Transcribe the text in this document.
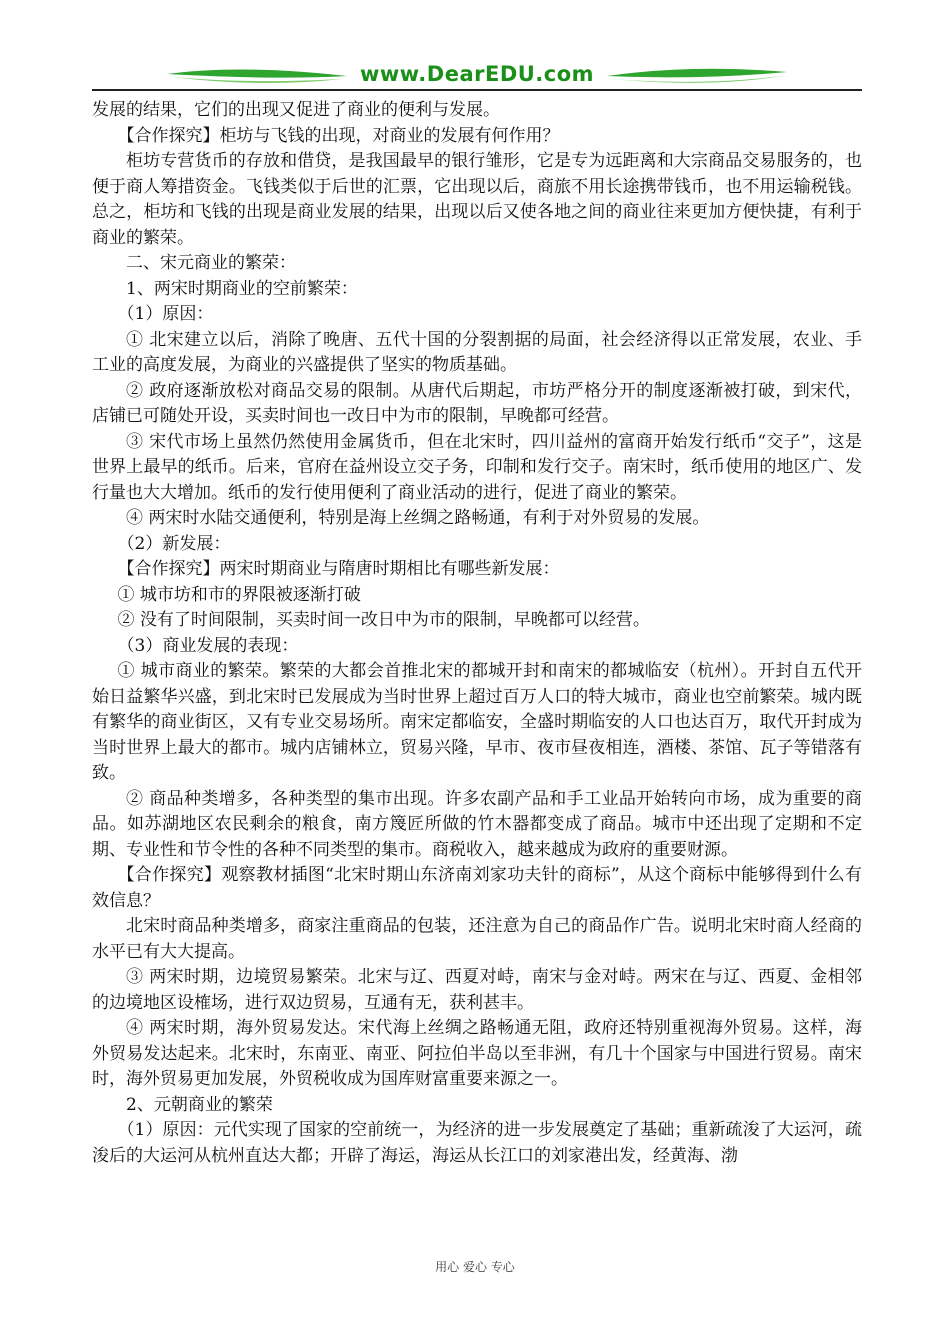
www.DearEDU.com

发展的结果，它们的出现又促进了商业的便利与发展。

【合作探究】柜坊与飞钱的出现，对商业的发展有何作用？

柜坊专营货币的存放和借贷，是我国最早的银行雏形，它是专为远距离和大宗商品交易服务的，也便于商人筹措资金。飞钱类似于后世的汇票，它出现以后，商旅不用长途携带钱币，也不用运输税钱。总之，柜坊和飞钱的出现是商业发展的结果，出现以后又使各地之间的商业往来更加方便快捷，有利于商业的繁荣。

二、宋元商业的繁荣：

1、两宋时期商业的空前繁荣：

（1）原因：

① 北宋建立以后，消除了晚唐、五代十国的分裂割据的局面，社会经济得以正常发展，农业、手工业的高度发展，为商业的兴盛提供了坚实的物质基础。

② 政府逐渐放松对商品交易的限制。从唐代后期起，市坊严格分开的制度逐渐被打破，到宋代，店铺已可随处开设，买卖时间也一改日中为市的限制，早晚都可经营。

③ 宋代市场上虽然仍然使用金属货币，但在北宋时，四川益州的富商开始发行纸币“交子”，这是世界上最早的纸币。后来，官府在益州设立交子务，印制和发行交子。南宋时，纸币使用的地区广、发行量也大大增加。纸币的发行使用便利了商业活动的进行，促进了商业的繁荣。

④ 两宋时水陆交通便利，特别是海上丝绸之路畅通，有利于对外贸易的发展。

（2）新发展：

【合作探究】两宋时期商业与隋唐时期相比有哪些新发展：

① 城市坊和市的界限被逐渐打破

② 没有了时间限制，买卖时间一改日中为市的限制，早晚都可以经营。

（3）商业发展的表现：

① 城市商业的繁荣。繁荣的大都会首推北宋的都城开封和南宋的都城临安（杭州）。开封自五代开始日益繁华兴盛，到北宋时已发展成为当时世界上超过百万人口的特大城市，商业也空前繁荣。城内既有繁华的商业街区，又有专业交易场所。南宋定都临安，全盛时期临安的人口也达百万，取代开封成为当时世界上最大的都市。城内店铺林立，贸易兴隆，早市、夜市昼夜相连，酒楼、茶馆、瓦子等错落有致。

② 商品种类增多，各种类型的集市出现。许多农副产品和手工业品开始转向市场，成为重要的商品。如苏湖地区农民剩余的粮食，南方篾匠所做的竹木器都变成了商品。城市中还出现了定期和不定期、专业性和节令性的各种不同类型的集市。商税收入，越来越成为政府的重要财源。

【合作探究】观察教材插图“北宋时期山东济南刘家功夫针的商标”，从这个商标中能够得到什么有效信息？

北宋时商品种类增多，商家注重商品的包装，还注意为自己的商品作广告。说明北宋时商人经商的水平已有大大提高。

③ 两宋时期，边境贸易繁荣。北宋与辽、西夏对峙，南宋与金对峙。两宋在与辽、西夏、金相邻的边境地区设榷场，进行双边贸易，互通有无，获利甚丰。

④ 两宋时期，海外贸易发达。宋代海上丝绸之路畅通无阻，政府还特别重视海外贸易。这样，海外贸易发达起来。北宋时，东南亚、南亚、阿拉伯半岛以至非洲，有几十个国家与中国进行贸易。南宋时，海外贸易更加发展，外贸税收成为国库财富重要来源之一。

2、元朝商业的繁荣

（1）原因：元代实现了国家的空前统一，为经济的进一步发展奠定了基础；重新疏浚了大运河，疏浚后的大运河从杭州直达大都；开辟了海运，海运从长江口的刘家港出发，经黄海、渤

用心 爱心 专心
